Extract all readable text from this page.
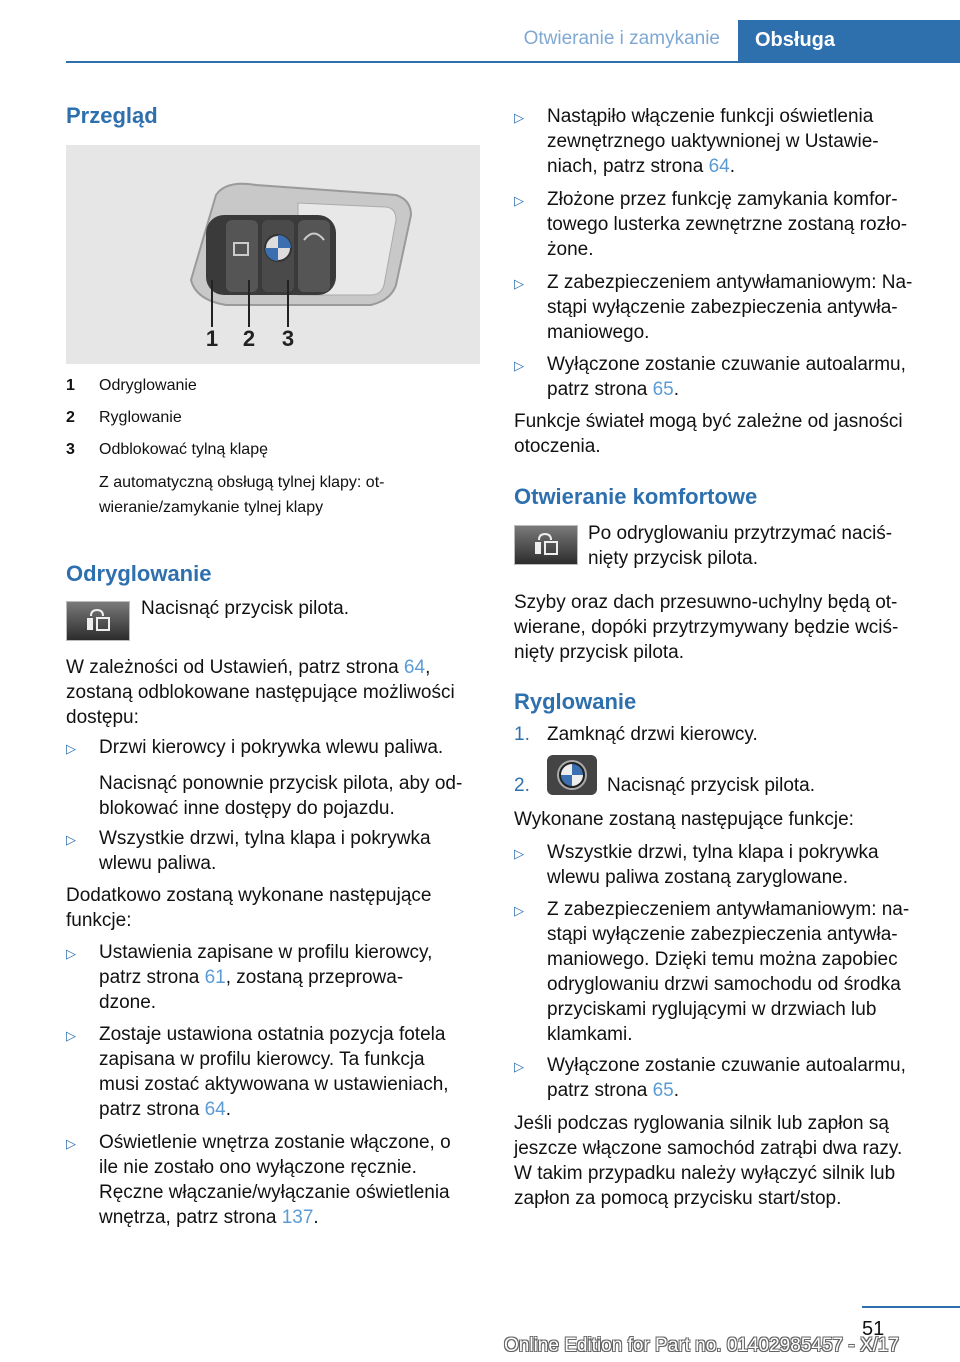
Otwieranie i zamykanie	Obsługa
Przegląd
1 2 3
1 Odryglowanie
2 Ryglowanie
3 Odblokować tylną klapę
Z automatyczną obsługą tylnej klapy: ot-
wieranie/zamykanie tylnej klapy
Odryglowanie

Nacisnąć przycisk pilota.

W zależności od Ustawień, patrz strona 64,
zostaną odblokowane następujące możliwości
dostępu:
▷ Drzwi kierowcy i pokrywka wlewu paliwa.
Nacisnąć ponownie przycisk pilota, aby od-
blokować inne dostępy do pojazdu.
▷ Wszystkie drzwi, tylna klapa i pokrywka
wlewu paliwa.
Dodatkowo zostaną wykonane następujące
funkcje:
▷ Ustawienia zapisane w profilu kierowcy,
patrz strona 61, zostaną przeprowa-
dzone.
▷ Zostaje ustawiona ostatnia pozycja fotela
zapisana w profilu kierowcy. Ta funkcja
musi zostać aktywowana w ustawieniach,
patrz strona 64.
▷ Oświetlenie wnętrza zostanie włączone, o
ile nie zostało ono wyłączone ręcznie.
Ręczne włączanie/wyłączanie oświetlenia
wnętrza, patrz strona 137.
▷ Nastąpiło włączenie funkcji oświetlenia
zewnętrznego uaktywnionej w Ustawie-
niach, patrz strona 64.
▷ Złożone przez funkcję zamykania komfor-
towego lusterka zewnętrzne zostaną rozło-
żone.
▷ Z zabezpieczeniem antywłamaniowym: Na-
stąpi wyłączenie zabezpieczenia antywła-
maniowego.
▷ Wyłączone zostanie czuwanie autoalarmu,
patrz strona 65.
Funkcje świateł mogą być zależne od jasności
otoczenia.
Otwieranie komfortowe
Po odryglowaniu przytrzymać naciś-
nięty przycisk pilota.
Szyby oraz dach przesuwno-uchylny będą ot-
wierane, dopóki przytrzymywany będzie wciś-
nięty przycisk pilota.
Ryglowanie
1. Zamknąć drzwi kierowcy.
2.	Nacisnąć przycisk pilota.
Wykonane zostaną następujące funkcje:
▷ Wszystkie drzwi, tylna klapa i pokrywka
wlewu paliwa zostaną zaryglowane.
▷ Z zabezpieczeniem antywłamaniowym: na-
stąpi wyłączenie zabezpieczenia antywła-
maniowego. Dzięki temu można zapobiec
odryglowaniu drzwi samochodu od środka
przyciskami ryglującymi w drzwiach lub
klamkami.
▷ Wyłączone zostanie czuwanie autoalarmu,
patrz strona 65.
Jeśli podczas ryglowania silnik lub zapłon są
jeszcze włączone samochód zatrąbi dwa razy.
W takim przypadku należy wyłączyć silnik lub
zapłon za pomocą przycisku start/stop.
51
Online Edition for Part no. 01402985457 - X/17
